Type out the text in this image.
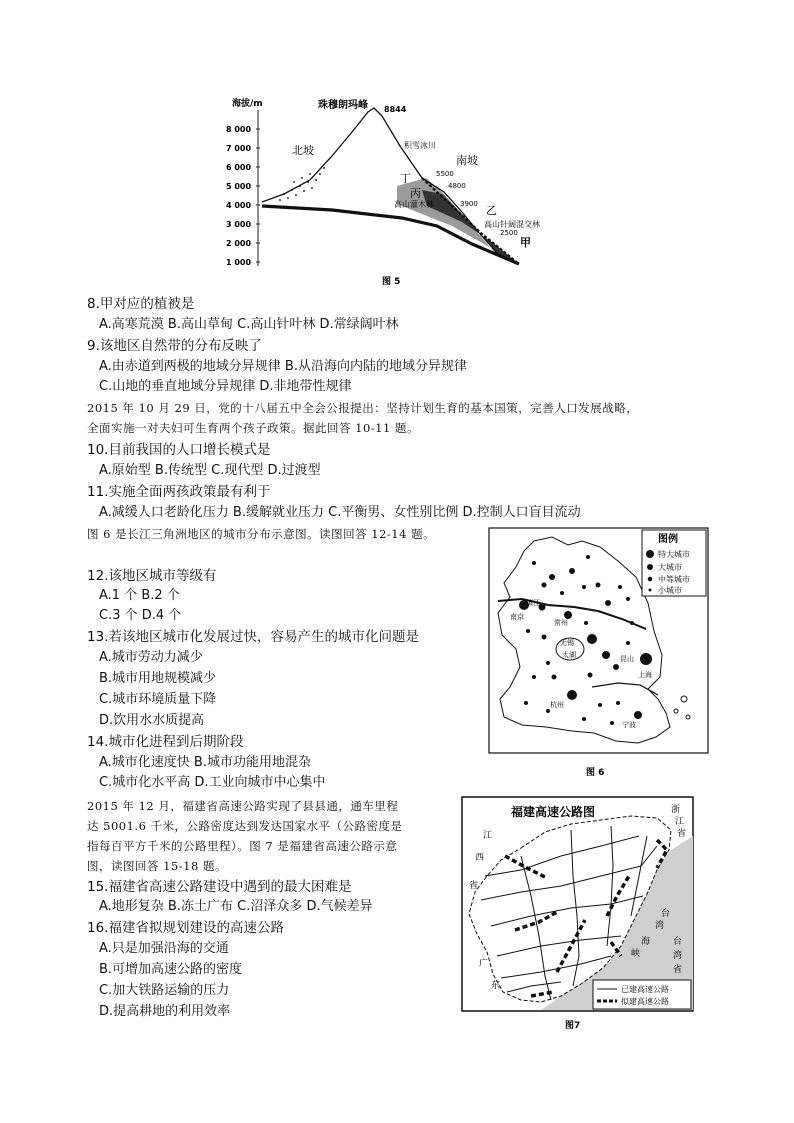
海拔/m
8 000
7 000
6 000
5 000
4 000
3 000
2 000
1 000
珠穆朗玛峰 8844
北坡	积雪冰川
南坡
丁
丙
乙
甲
高山灌木林
高山针阔混交林
5500
4800
3900
2500
图 5
8.甲对应的植被是
A.高寒荒漠 B.高山草甸 C.高山针叶林 D.常绿阔叶林
9.该地区自然带的分布反映了
A.由赤道到两极的地域分异规律 B.从沿海向内陆的地域分异规律
C.山地的垂直地域分异规律 D.非地带性规律
2015 年 10 月 29 日，党的十八届五中全会公报提出：坚持计划生育的基本国策，完善人口发展战略，
全面实施一对夫妇可生育两个孩子政策。据此回答 10-11 题。
10.目前我国的人口增长模式是
A.原始型 B.传统型 C.现代型 D.过渡型
11.实施全面两孩政策最有利于
A.减缓人口老龄化压力 B.缓解就业压力 C.平衡男、女性别比例 D.控制人口盲目流动
图 6 是长江三角洲地区的城市分布示意图。读图回答 12-14 题。
12.该地区城市等级有
A.1 个 B.2 个
C.3 个 D.4 个
13.若该地区城市化发展过快，容易产生的城市化问题是
A.城市劳动力减少
B.城市用地规模减少
C.城市环境质量下降
D.饮用水水质提高
14.城市化进程到后期阶段
A.城市化速度快 B.城市功能用地混杂
C.城市化水平高 D.工业向城市中心集中
图例
特大城市
大城市
中等城市
小城市
镇江
南京
常州
无锡
太湖	昆山
上海
杭州
宁波
图 6
2015 年 12 月，福建省高速公路实现了县县通，通车里程
达 5001.6 千米，公路密度达到发达国家水平（公路密度是
指每百平方千米的公路里程）。图 7 是福建省高速公路示意
图，读图回答 15-18 题。
15.福建省高速公路建设中遇到的最大困难是
A.地形复杂 B.冻土广布 C.沼泽众多 D.气候差异
16.福建省拟规划建设的高速公路
A.只是加强沿海的交通
B.可增加高速公路的密度
C.加大铁路运输的压力
D.提高耕地的利用效率
福建高速公路图	浙
江
省
江
西
省
广
东
台
湾
海
峡
台
湾
省
已建高速公路
拟建高速公路
图7
